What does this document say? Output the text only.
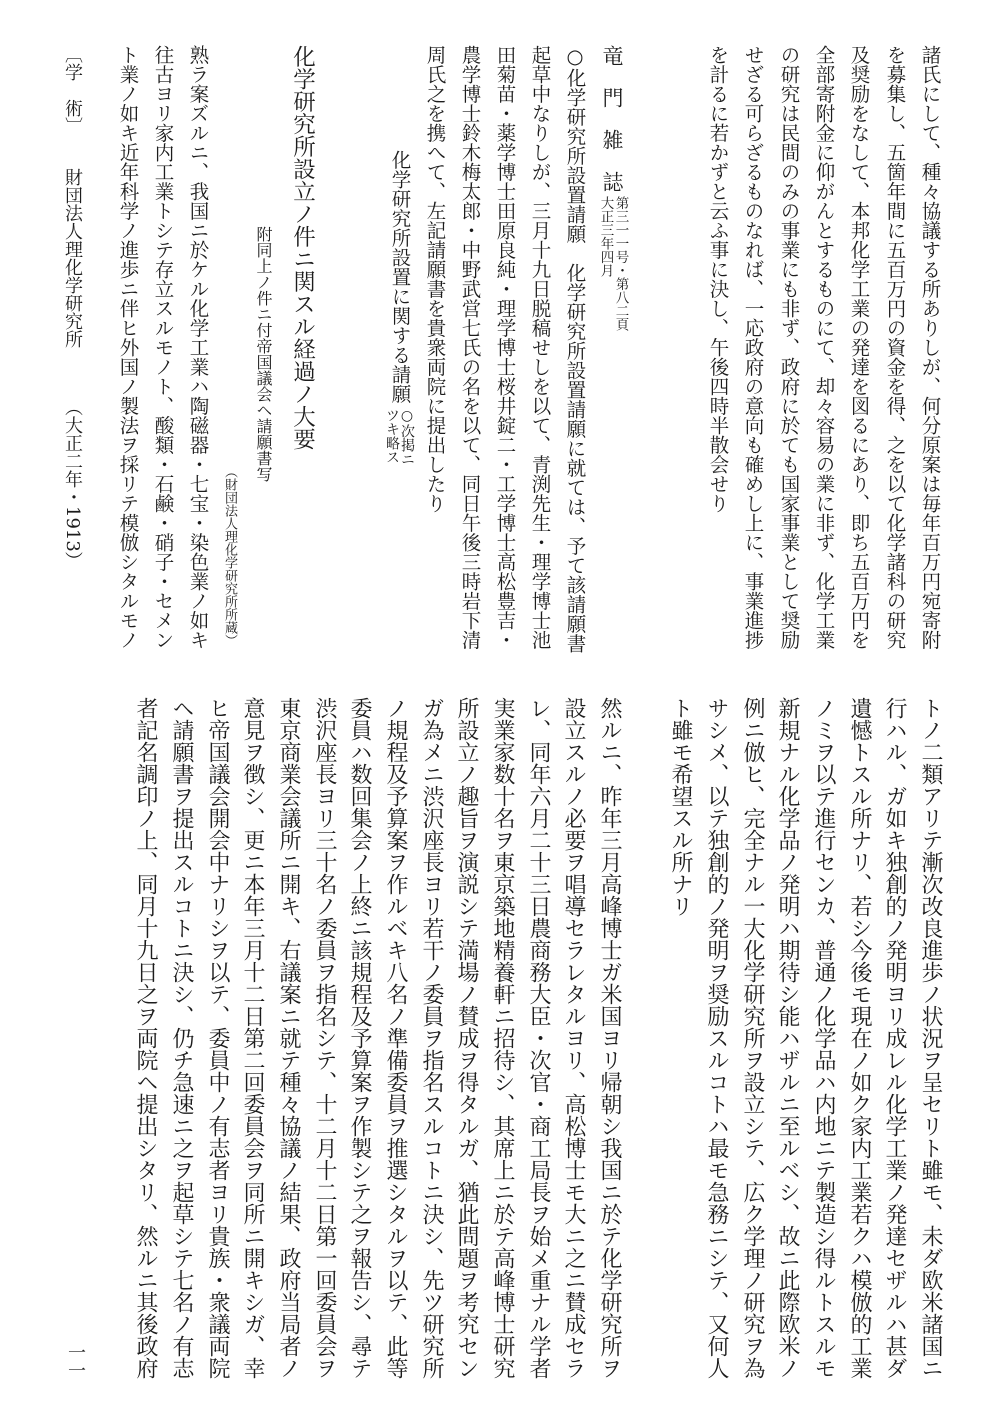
諸氏にして、種々協議する所ありしが、何分原案は毎年百万円宛寄附
を募集し、五箇年間に五百万円の資金を得、之を以て化学諸科の研究
及奨励をなして、本邦化学工業の発達を図るにあり、即ち五百万円を
全部寄附金に仰がんとするものにて、却々容易の業に非ず、化学工業
の研究は民間のみの事業にも非ず、政府に於ても国家事業として奨励
せざる可らざるものなれば、一応政府の意向も確めし上に、事業進捗
を計るに若かずと云ふ事に決し、午後四時半散会せり
竜　門　雑　誌
第三一一号・第八二頁
大正三年四月
○化学研究所設置請願　化学研究所設置請願に就ては、予て該請願書
起草中なりしが、三月十九日脱稿せしを以て、青渕先生・理学博士池
田菊苗・薬学博士田原良純・理学博士桜井錠二・工学博士高松豊吉・
農学博士鈴木梅太郎・中野武営七氏の名を以て、同日午後三時岩下清
周氏之を携へて、左記請願書を貴衆両院に提出したり
化学研究所設置に関する請願
○次掲ニ
ツキ略ス
化学研究所設立ノ件ニ関スル経過ノ大要
附同上ノ件ニ付帝国議会ヘ請願書写
（財団法人理化学研究所所蔵）
熟ラ案ズルニ、我国ニ於ケル化学工業ハ陶磁器・七宝・染色業ノ如キ
往古ヨリ家内工業トシテ存立スルモノト、酸類・石鹸・硝子・セメン
ト業ノ如キ近年科学ノ進歩ニ伴ヒ外国ノ製法ヲ採リテ模倣シタルモノ
〔学　術〕
財団法人理化学研究所
（大正二年・1913）
トノ二類アリテ漸次改良進歩ノ状況ヲ呈セリト雖モ、未ダ欧米諸国ニ
行ハル、ガ如キ独創的ノ発明ヨリ成レル化学工業ノ発達セザルハ甚ダ
遺憾トスル所ナリ、若シ今後モ現在ノ如ク家内工業若クハ模倣的工業
ノミヲ以テ進行センカ、普通ノ化学品ハ内地ニテ製造シ得ルトスルモ
新規ナル化学品ノ発明ハ期待シ能ハザルニ至ルベシ、故ニ此際欧米ノ
例ニ倣ヒ、完全ナル一大化学研究所ヲ設立シテ、広ク学理ノ研究ヲ為
サシメ、以テ独創的ノ発明ヲ奨励スルコトハ最モ急務ニシテ、又何人
ト雖モ希望スル所ナリ
然ルニ、昨年三月高峰博士ガ米国ヨリ帰朝シ我国ニ於テ化学研究所ヲ
設立スルノ必要ヲ唱導セラレタルヨリ、高松博士モ大ニ之ニ賛成セラ
レ、同年六月二十三日農商務大臣・次官・商工局長ヲ始メ重ナル学者
実業家数十名ヲ東京築地精養軒ニ招待シ、其席上ニ於テ高峰博士研究
所設立ノ趣旨ヲ演説シテ満場ノ賛成ヲ得タルガ、猶此問題ヲ考究セン
ガ為メニ渋沢座長ヨリ若干ノ委員ヲ指名スルコトニ決シ、先ツ研究所
ノ規程及予算案ヲ作ルベキ八名ノ準備委員ヲ推選シタルヲ以テ、此等
委員ハ数回集会ノ上終ニ該規程及予算案ヲ作製シテ之ヲ報告シ、尋テ
渋沢座長ヨリ三十名ノ委員ヲ指名シテ、十二月十二日第一回委員会ヲ
東京商業会議所ニ開キ、右議案ニ就テ種々協議ノ結果、政府当局者ノ
意見ヲ徴シ、更ニ本年三月十二日第二回委員会ヲ同所ニ開キシガ、幸
ヒ帝国議会開会中ナリシヲ以テ、委員中ノ有志者ヨリ貴族・衆議両院
ヘ請願書ヲ提出スルコトニ決シ、仍チ急速ニ之ヲ起草シテ七名ノ有志
者記名調印ノ上、同月十九日之ヲ両院ヘ提出シタリ、然ルニ其後政府
一一
